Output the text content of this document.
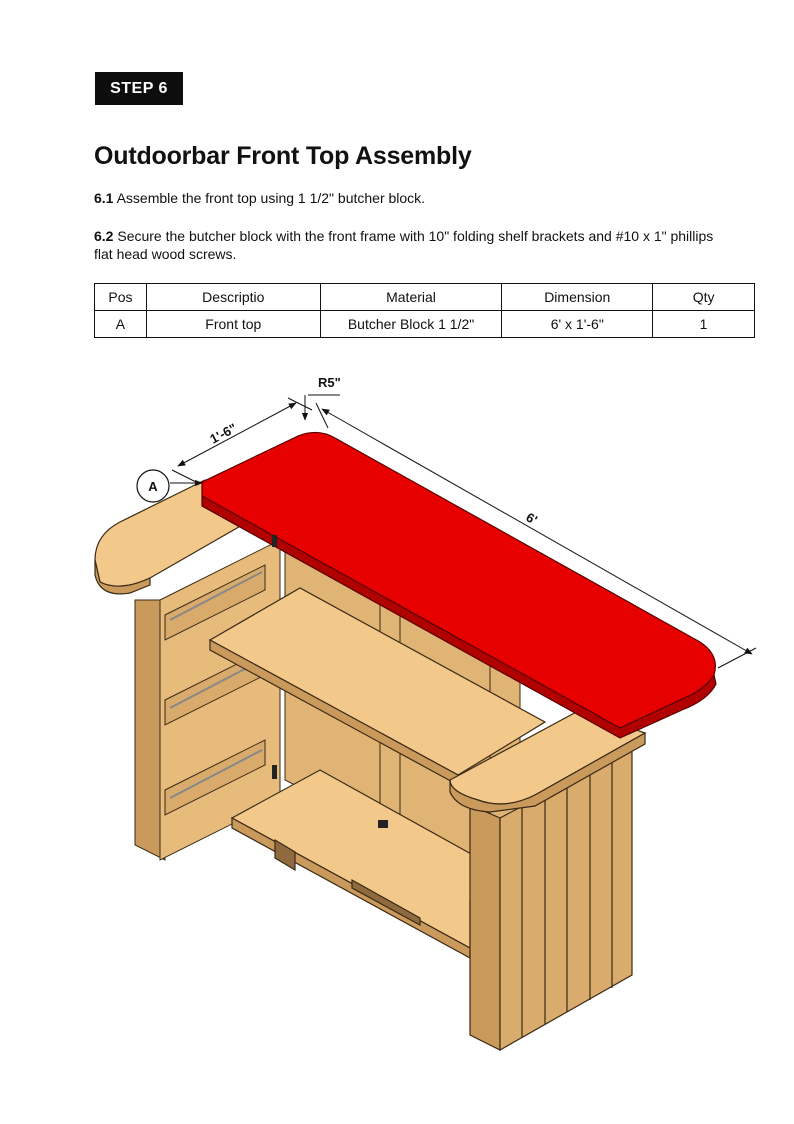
STEP 6
Outdoorbar Front Top Assembly

6.1 Assemble the front top using 1 1/2" butcher block.

6.2 Secure the butcher block with the front frame with 10" folding shelf brackets and #10 x 1" phillips flat head wood screws.

Pos	Descriptio	Material	Dimension	Qty
A	Front top	Butcher Block 1 1/2"	6' x 1'-6"	1
R5"
1'-6"
6'
A
